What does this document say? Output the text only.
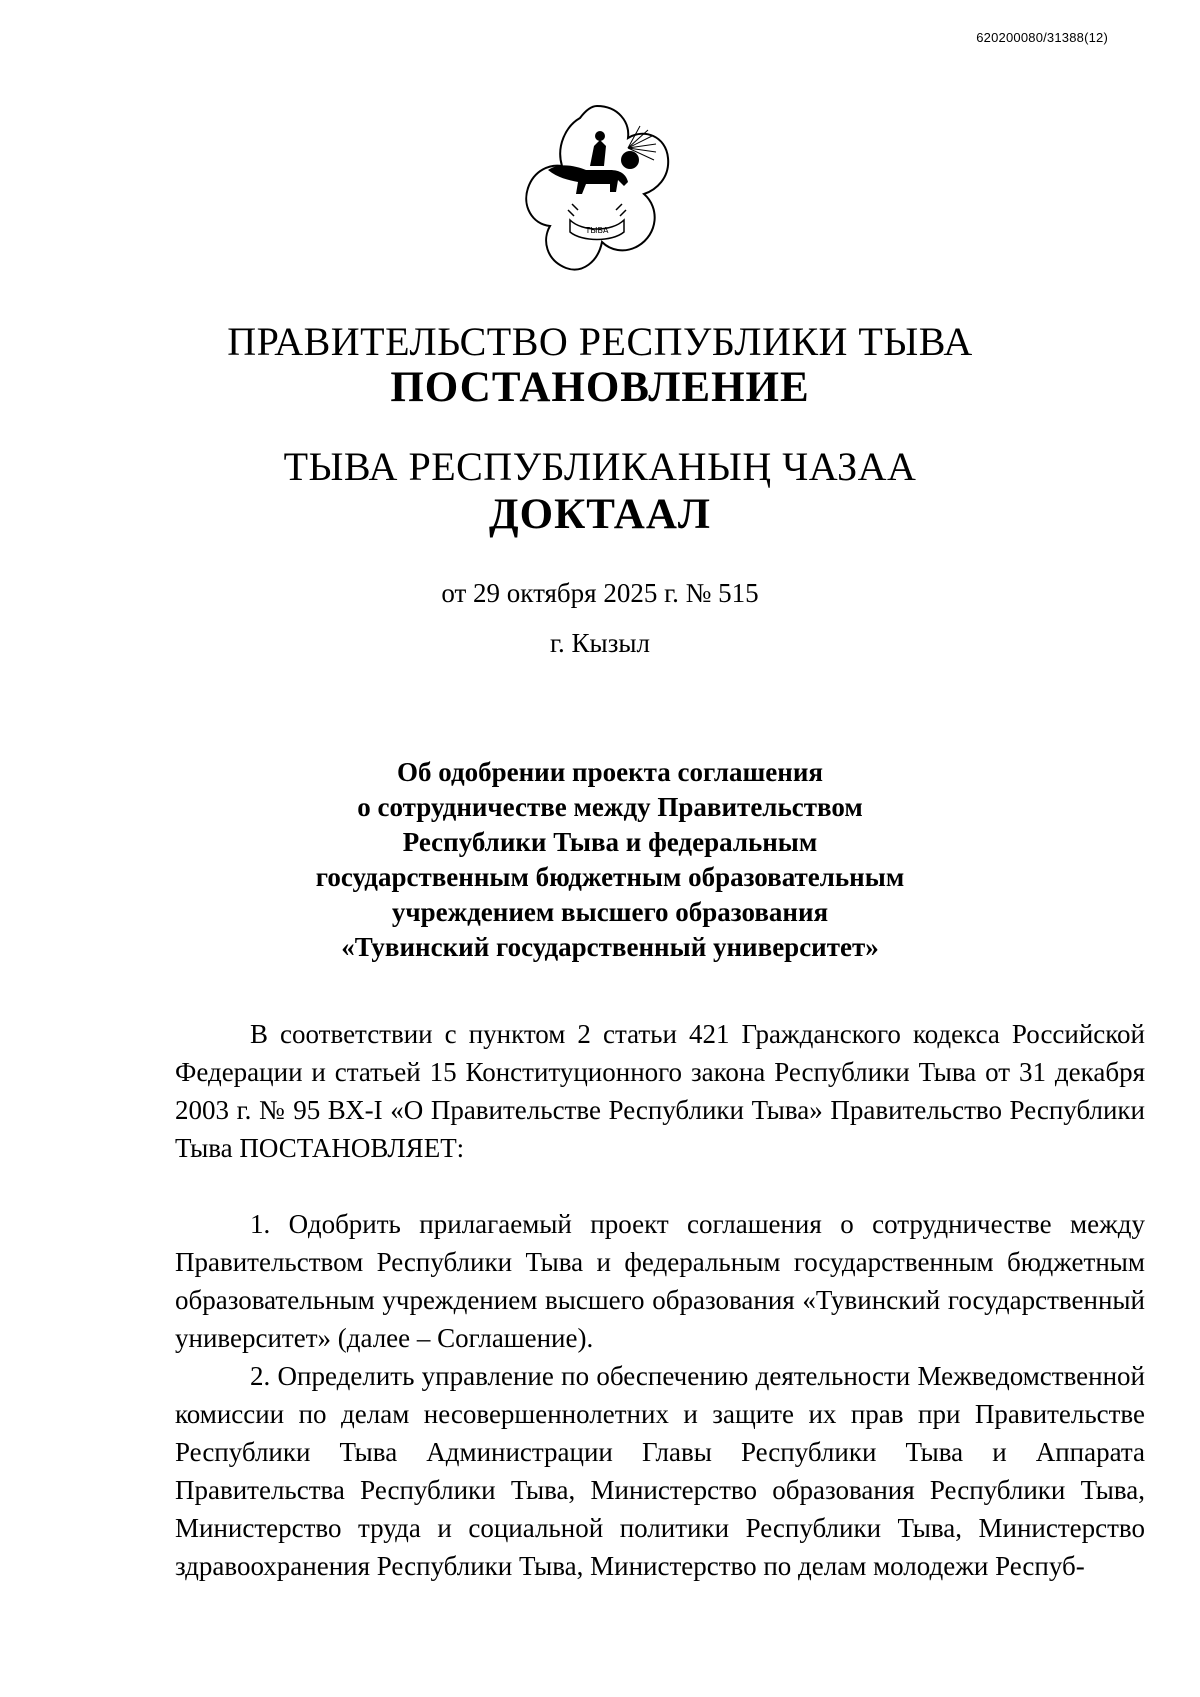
620200080/31388(12)
ТЫВА
ПРАВИТЕЛЬСТВО РЕСПУБЛИКИ ТЫВА
ПОСТАНОВЛЕНИЕ
ТЫВА РЕСПУБЛИКАНЫҢ ЧАЗАА
ДОКТААЛ
от 29 октября 2025 г. № 515
г. Кызыл
Об одобрении проекта соглашения
о сотрудничестве между Правительством
Республики Тыва и федеральным
государственным бюджетным образовательным
учреждением высшего образования
«Тувинский государственный университет»

В соответствии с пунктом 2 статьи 421 Гражданского кодекса Российской Федерации и статьей 15 Конституционного закона Республики Тыва от 31 декабря 2003 г. № 95 ВХ-I «О Правительстве Республики Тыва» Правительство Республики Тыва ПОСТАНОВЛЯЕТ:

1. Одобрить прилагаемый проект соглашения о сотрудничестве между Правительством Республики Тыва и федеральным государственным бюджетным образовательным учреждением высшего образования «Тувинский государственный университет» (далее – Соглашение).

2. Определить управление по обеспечению деятельности Межведомственной комиссии по делам несовершеннолетних и защите их прав при Правительстве Республики Тыва Администрации Главы Республики Тыва и Аппарата Правительства Республики Тыва, Министерство образования Республики Тыва, Министерство труда и социальной политики Республики Тыва, Министерство здравоохранения Республики Тыва, Министерство по делам молодежи Респуб-
